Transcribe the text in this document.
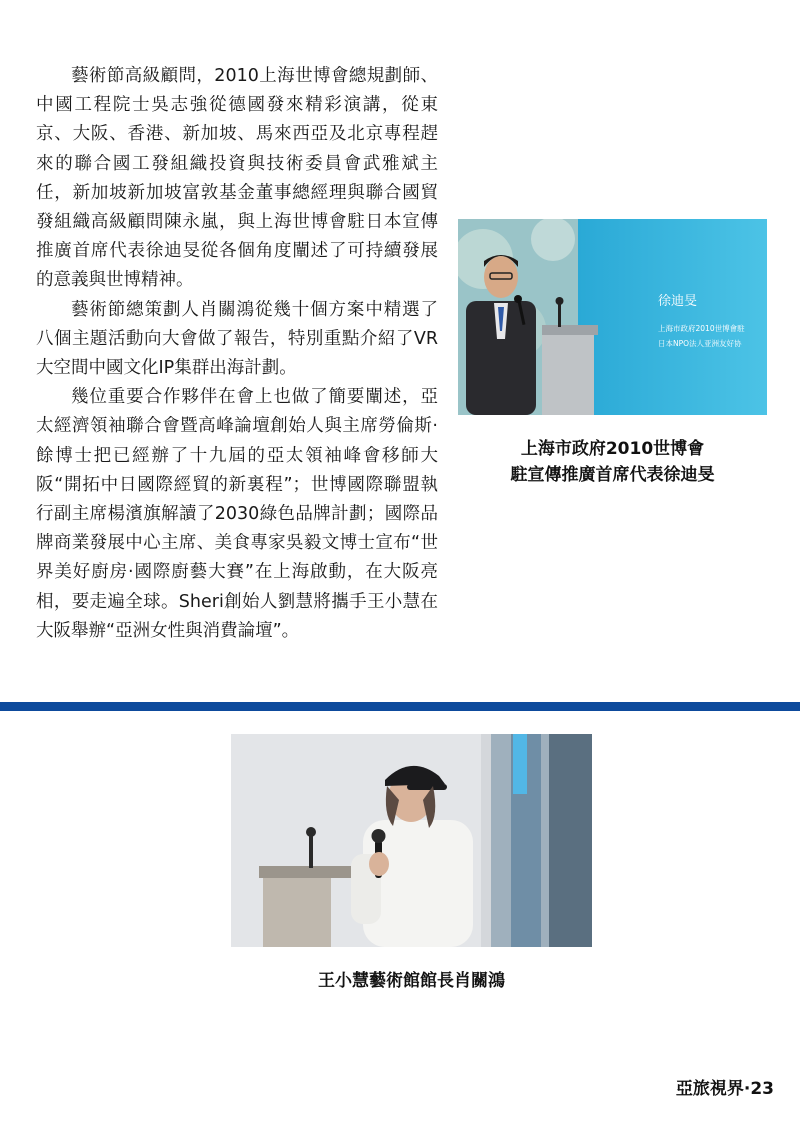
藝術節高級顧問，2010上海世博會總規劃師、中國工程院士吳志強從德國發來精彩演講，從東京、大阪、香港、新加坡、馬來西亞及北京專程趕來的聯合國工發組織投資與技術委員會武雅斌主任，新加坡新加坡富敦基金董事總經理與聯合國貿發組織高級顧問陳永嵐，與上海世博會駐日本宣傳推廣首席代表徐迪旻從各個角度闡述了可持續發展的意義與世博精神。

藝術節總策劃人肖關鴻從幾十個方案中精選了八個主題活動向大會做了報告，特別重點介紹了VR大空間中國文化IP集群出海計劃。

幾位重要合作夥伴在會上也做了簡要闡述，亞太經濟領袖聯合會暨高峰論壇創始人與主席勞倫斯·餘博士把已經辦了十九屆的亞太領袖峰會移師大阪“開拓中日國際經貿的新裏程”；世博國際聯盟執行副主席楊濱旗解讀了2030綠色品牌計劃；國際品牌商業發展中心主席、美食專家吳毅文博士宣布“世界美好廚房·國際廚藝大賽”在上海啟動，在大阪亮相，要走遍全球。Sheri創始人劉慧將攜手王小慧在大阪舉辦“亞洲女性與消費論壇”。

徐迪旻
上海市政府2010世博會駐
日本NPO法人亚洲友好协
上海市政府2010世博會
駐宣傳推廣首席代表徐迪旻
王小慧藝術館館長肖關鴻
亞旅視界·23
